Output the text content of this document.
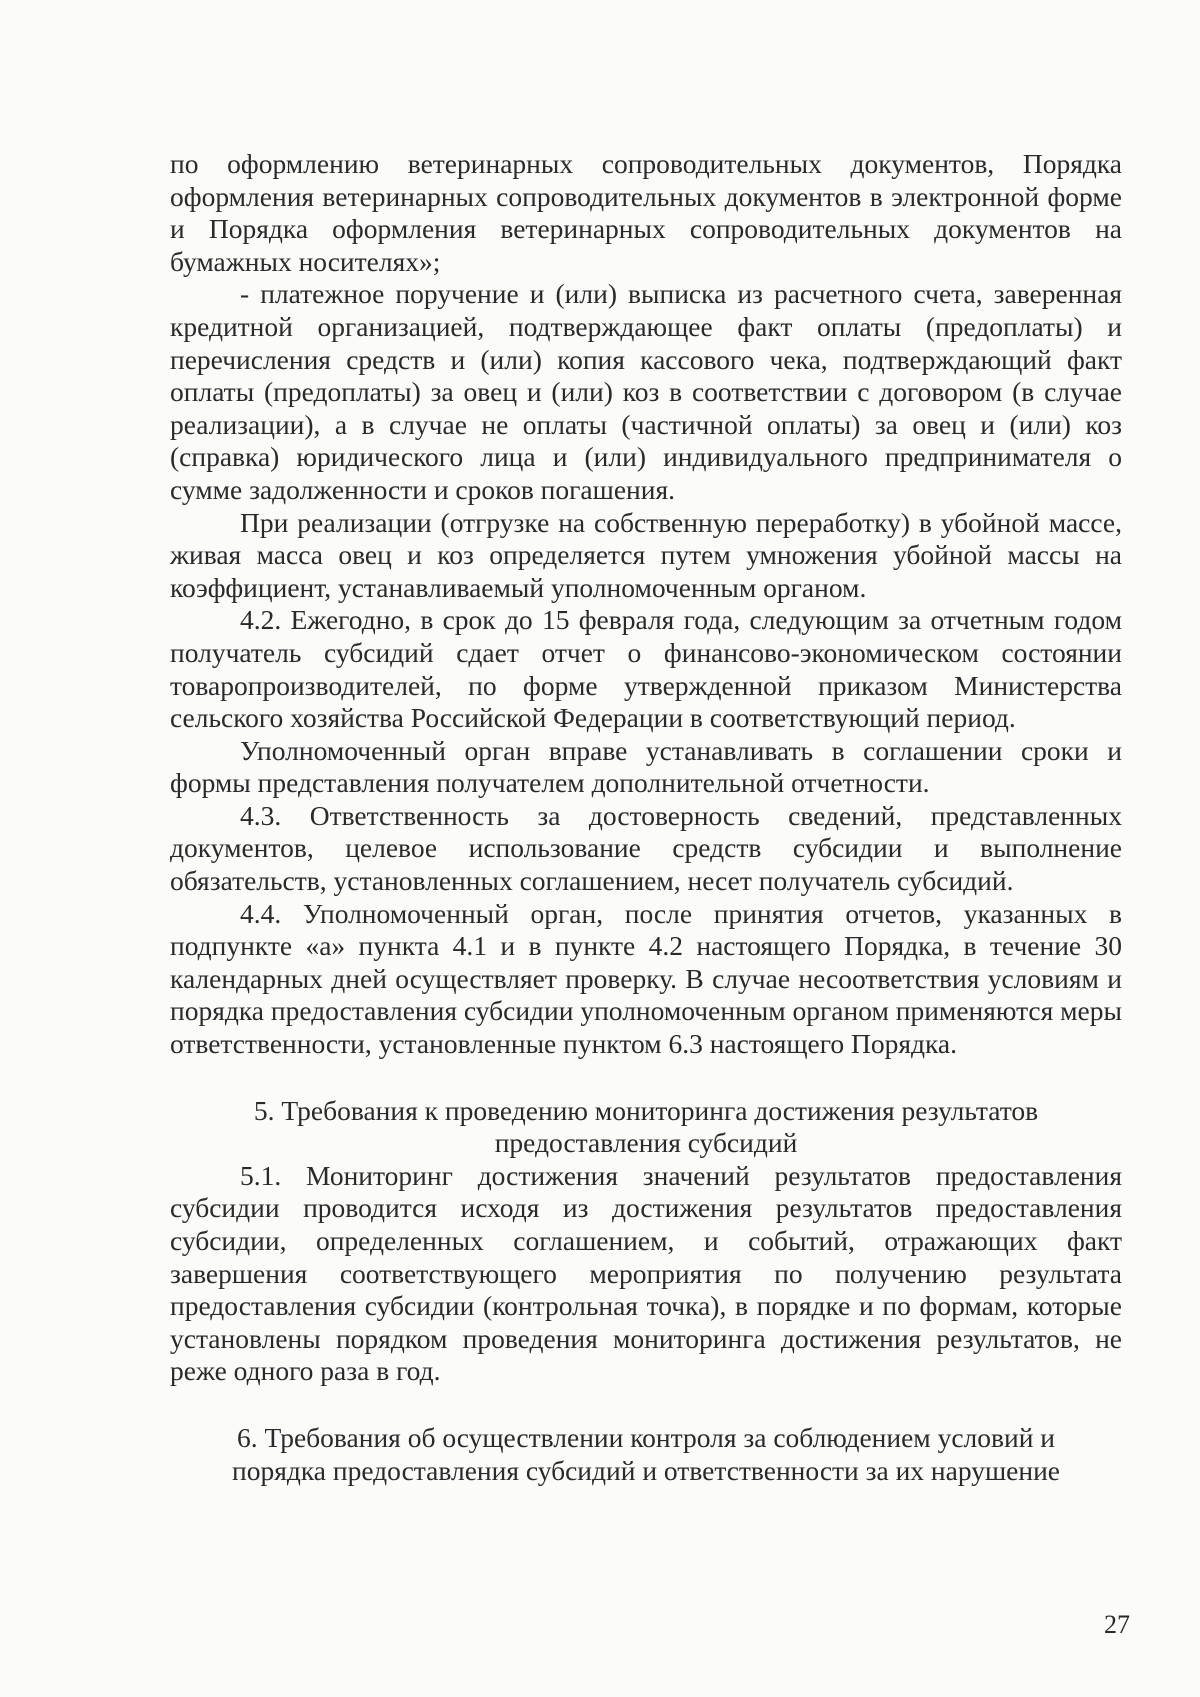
по оформлению ветеринарных сопроводительных документов, Порядка оформления ветеринарных сопроводительных документов в электронной форме и Порядка оформления ветеринарных сопроводительных документов на бумажных носителях»;

- платежное поручение и (или) выписка из расчетного счета, заверенная кредитной организацией, подтверждающее факт оплаты (предоплаты) и перечисления средств и (или) копия кассового чека, подтверждающий факт оплаты (предоплаты) за овец и (или) коз в соответствии с договором (в случае реализации), а в случае не оплаты (частичной оплаты) за овец и (или) коз (справка) юридического лица и (или) индивидуального предпринимателя о сумме задолженности и сроков погашения.

При реализации (отгрузке на собственную переработку) в убойной массе, живая масса овец и коз определяется путем умножения убойной массы на коэффициент, устанавливаемый уполномоченным органом.

4.2. Ежегодно, в срок до 15 февраля года, следующим за отчетным годом получатель субсидий сдает отчет о финансово-экономическом состоянии товаропроизводителей, по форме утвержденной приказом Министерства сельского хозяйства Российской Федерации в соответствующий период.

Уполномоченный орган вправе устанавливать в соглашении сроки и формы представления получателем дополнительной отчетности.

4.3. Ответственность за достоверность сведений, представленных документов, целевое использование средств субсидии и выполнение обязательств, установленных соглашением, несет получатель субсидий.

4.4. Уполномоченный орган, после принятия отчетов, указанных в подпункте «а» пункта 4.1 и в пункте 4.2 настоящего Порядка, в течение 30 календарных дней осуществляет проверку. В случае несоответствия условиям и порядка предоставления субсидии уполномоченным органом применяются меры ответственности, установленные пунктом 6.3 настоящего Порядка.

5. Требования к проведению мониторинга достижения результатов
предоставления субсидий

5.1. Мониторинг достижения значений результатов предоставления субсидии проводится исходя из достижения результатов предоставления субсидии, определенных соглашением, и событий, отражающих факт завершения соответствующего мероприятия по получению результата предоставления субсидии (контрольная точка), в порядке и по формам, которые установлены порядком проведения мониторинга достижения результатов, не реже одного раза в год.

6. Требования об осуществлении контроля за соблюдением условий и
порядка предоставления субсидий и ответственности за их нарушение
27
